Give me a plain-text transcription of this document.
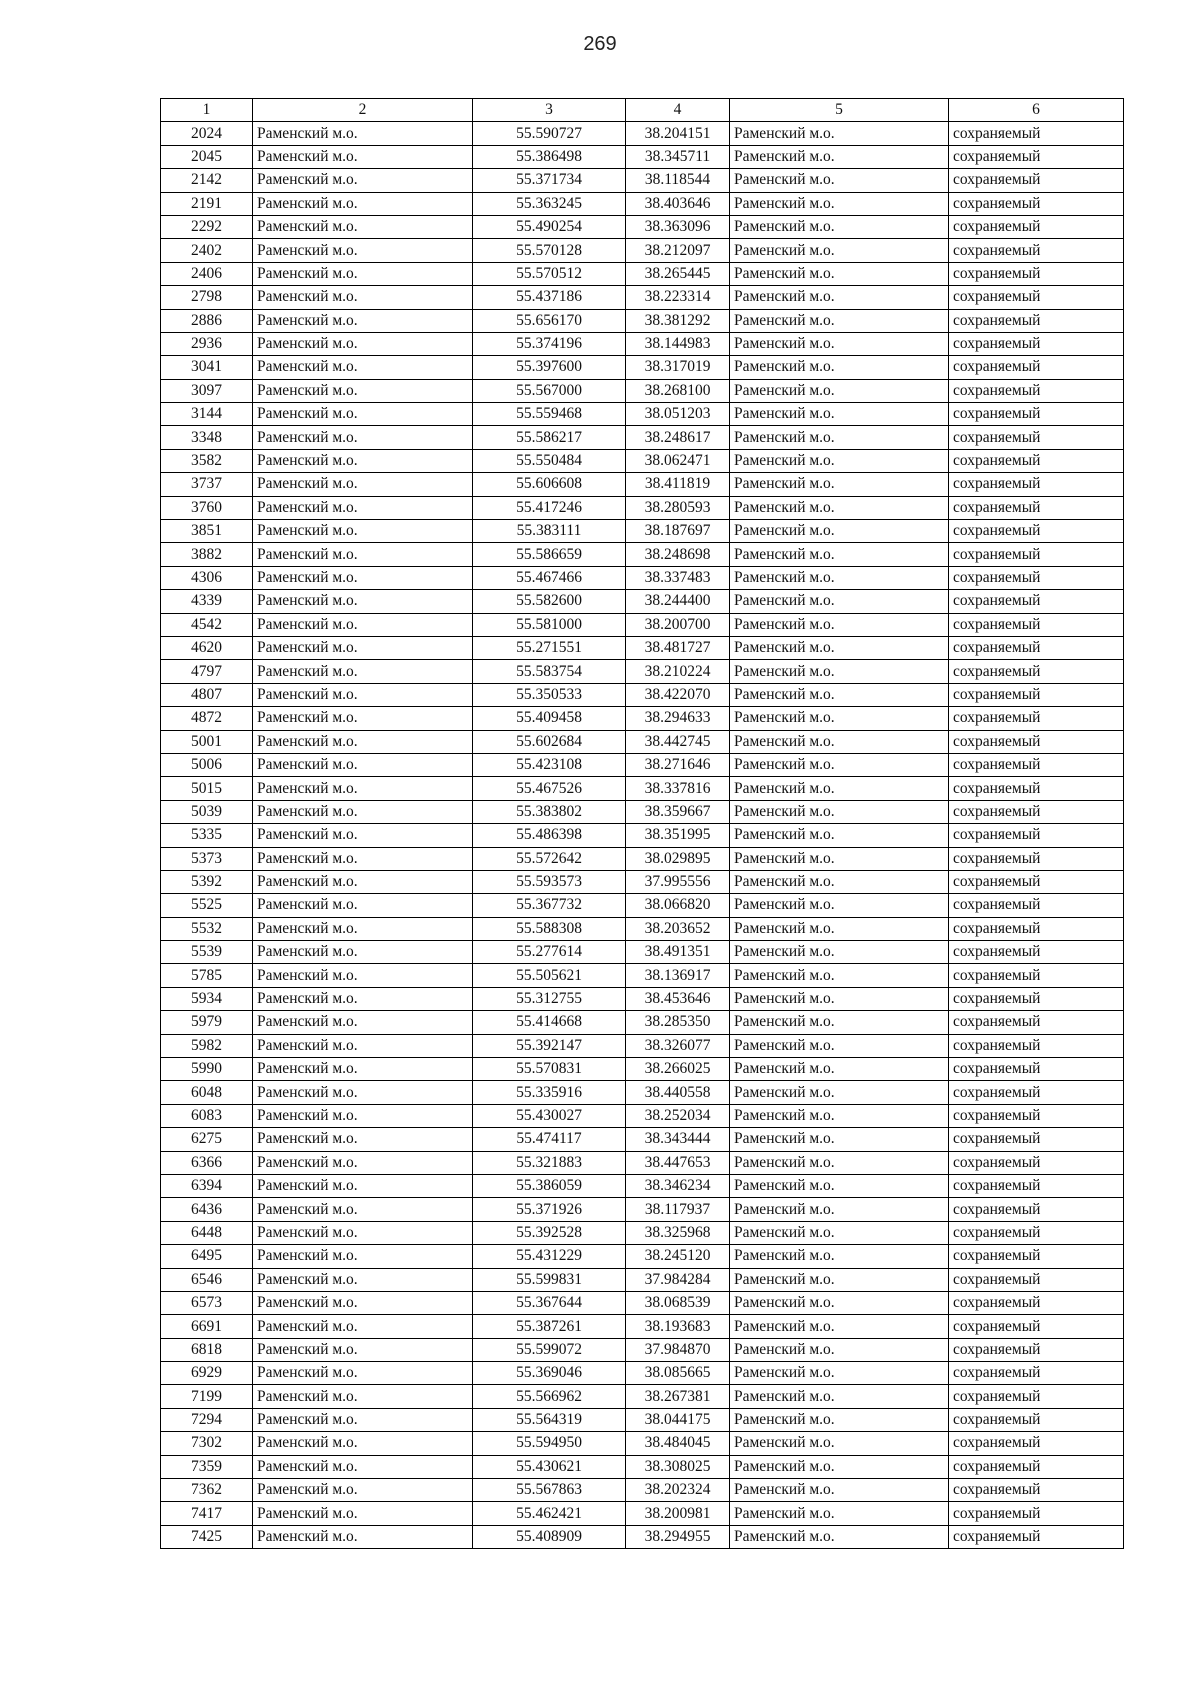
269
1	2	3	4	5	6
2024	Раменский м.о.	55.590727	38.204151	Раменский м.о.	сохраняемый
2045	Раменский м.о.	55.386498	38.345711	Раменский м.о.	сохраняемый
2142	Раменский м.о.	55.371734	38.118544	Раменский м.о.	сохраняемый
2191	Раменский м.о.	55.363245	38.403646	Раменский м.о.	сохраняемый
2292	Раменский м.о.	55.490254	38.363096	Раменский м.о.	сохраняемый
2402	Раменский м.о.	55.570128	38.212097	Раменский м.о.	сохраняемый
2406	Раменский м.о.	55.570512	38.265445	Раменский м.о.	сохраняемый
2798	Раменский м.о.	55.437186	38.223314	Раменский м.о.	сохраняемый
2886	Раменский м.о.	55.656170	38.381292	Раменский м.о.	сохраняемый
2936	Раменский м.о.	55.374196	38.144983	Раменский м.о.	сохраняемый
3041	Раменский м.о.	55.397600	38.317019	Раменский м.о.	сохраняемый
3097	Раменский м.о.	55.567000	38.268100	Раменский м.о.	сохраняемый
3144	Раменский м.о.	55.559468	38.051203	Раменский м.о.	сохраняемый
3348	Раменский м.о.	55.586217	38.248617	Раменский м.о.	сохраняемый
3582	Раменский м.о.	55.550484	38.062471	Раменский м.о.	сохраняемый
3737	Раменский м.о.	55.606608	38.411819	Раменский м.о.	сохраняемый
3760	Раменский м.о.	55.417246	38.280593	Раменский м.о.	сохраняемый
3851	Раменский м.о.	55.383111	38.187697	Раменский м.о.	сохраняемый
3882	Раменский м.о.	55.586659	38.248698	Раменский м.о.	сохраняемый
4306	Раменский м.о.	55.467466	38.337483	Раменский м.о.	сохраняемый
4339	Раменский м.о.	55.582600	38.244400	Раменский м.о.	сохраняемый
4542	Раменский м.о.	55.581000	38.200700	Раменский м.о.	сохраняемый
4620	Раменский м.о.	55.271551	38.481727	Раменский м.о.	сохраняемый
4797	Раменский м.о.	55.583754	38.210224	Раменский м.о.	сохраняемый
4807	Раменский м.о.	55.350533	38.422070	Раменский м.о.	сохраняемый
4872	Раменский м.о.	55.409458	38.294633	Раменский м.о.	сохраняемый
5001	Раменский м.о.	55.602684	38.442745	Раменский м.о.	сохраняемый
5006	Раменский м.о.	55.423108	38.271646	Раменский м.о.	сохраняемый
5015	Раменский м.о.	55.467526	38.337816	Раменский м.о.	сохраняемый
5039	Раменский м.о.	55.383802	38.359667	Раменский м.о.	сохраняемый
5335	Раменский м.о.	55.486398	38.351995	Раменский м.о.	сохраняемый
5373	Раменский м.о.	55.572642	38.029895	Раменский м.о.	сохраняемый
5392	Раменский м.о.	55.593573	37.995556	Раменский м.о.	сохраняемый
5525	Раменский м.о.	55.367732	38.066820	Раменский м.о.	сохраняемый
5532	Раменский м.о.	55.588308	38.203652	Раменский м.о.	сохраняемый
5539	Раменский м.о.	55.277614	38.491351	Раменский м.о.	сохраняемый
5785	Раменский м.о.	55.505621	38.136917	Раменский м.о.	сохраняемый
5934	Раменский м.о.	55.312755	38.453646	Раменский м.о.	сохраняемый
5979	Раменский м.о.	55.414668	38.285350	Раменский м.о.	сохраняемый
5982	Раменский м.о.	55.392147	38.326077	Раменский м.о.	сохраняемый
5990	Раменский м.о.	55.570831	38.266025	Раменский м.о.	сохраняемый
6048	Раменский м.о.	55.335916	38.440558	Раменский м.о.	сохраняемый
6083	Раменский м.о.	55.430027	38.252034	Раменский м.о.	сохраняемый
6275	Раменский м.о.	55.474117	38.343444	Раменский м.о.	сохраняемый
6366	Раменский м.о.	55.321883	38.447653	Раменский м.о.	сохраняемый
6394	Раменский м.о.	55.386059	38.346234	Раменский м.о.	сохраняемый
6436	Раменский м.о.	55.371926	38.117937	Раменский м.о.	сохраняемый
6448	Раменский м.о.	55.392528	38.325968	Раменский м.о.	сохраняемый
6495	Раменский м.о.	55.431229	38.245120	Раменский м.о.	сохраняемый
6546	Раменский м.о.	55.599831	37.984284	Раменский м.о.	сохраняемый
6573	Раменский м.о.	55.367644	38.068539	Раменский м.о.	сохраняемый
6691	Раменский м.о.	55.387261	38.193683	Раменский м.о.	сохраняемый
6818	Раменский м.о.	55.599072	37.984870	Раменский м.о.	сохраняемый
6929	Раменский м.о.	55.369046	38.085665	Раменский м.о.	сохраняемый
7199	Раменский м.о.	55.566962	38.267381	Раменский м.о.	сохраняемый
7294	Раменский м.о.	55.564319	38.044175	Раменский м.о.	сохраняемый
7302	Раменский м.о.	55.594950	38.484045	Раменский м.о.	сохраняемый
7359	Раменский м.о.	55.430621	38.308025	Раменский м.о.	сохраняемый
7362	Раменский м.о.	55.567863	38.202324	Раменский м.о.	сохраняемый
7417	Раменский м.о.	55.462421	38.200981	Раменский м.о.	сохраняемый
7425	Раменский м.о.	55.408909	38.294955	Раменский м.о.	сохраняемый
